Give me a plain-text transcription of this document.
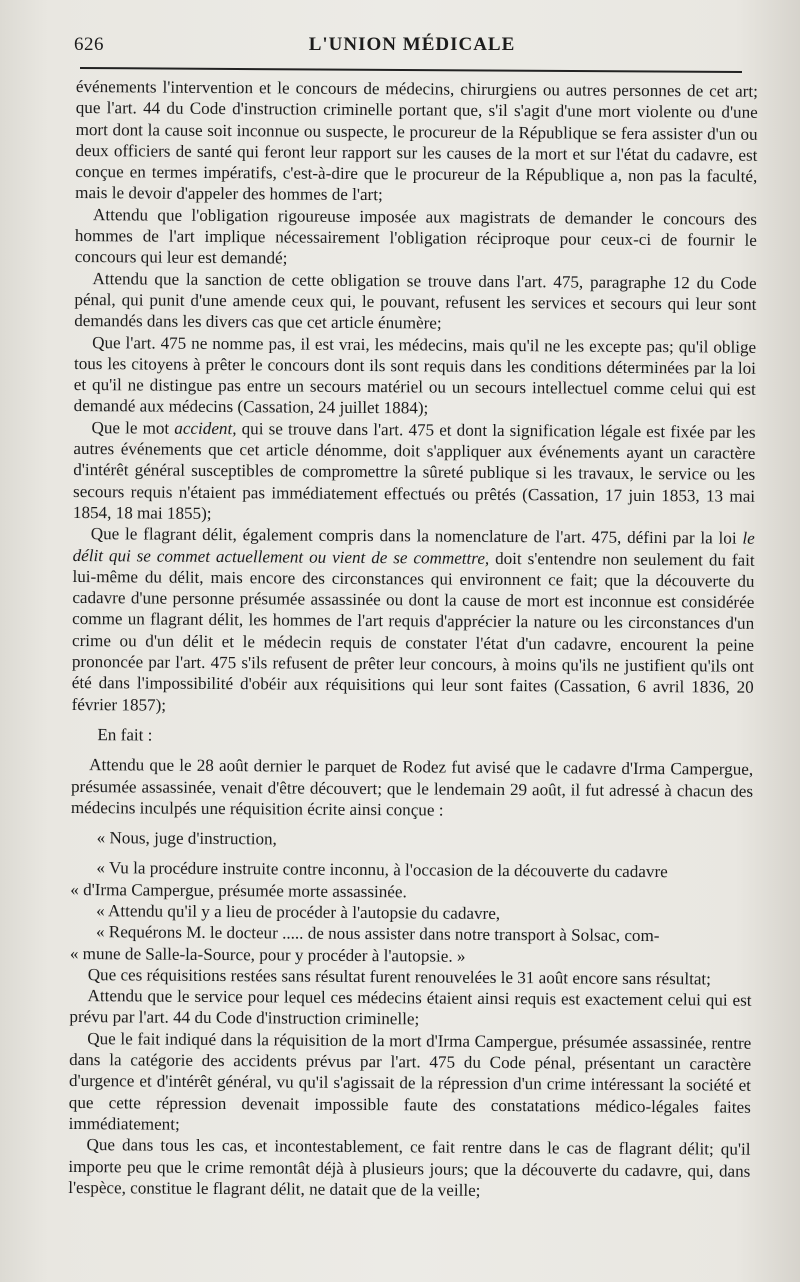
626	L'UNION MÉDICALE

événements l'intervention et le concours de médecins, chirurgiens ou autres personnes de cet art; que l'art. 44 du Code d'instruction criminelle portant que, s'il s'agit d'une mort violente ou d'une mort dont la cause soit inconnue ou suspecte, le procureur de la République se fera assister d'un ou deux officiers de santé qui feront leur rapport sur les causes de la mort et sur l'état du cadavre, est conçue en termes impératifs, c'est-à-dire que le procureur de la République a, non pas la faculté, mais le devoir d'appeler des hommes de l'art;

Attendu que l'obligation rigoureuse imposée aux magistrats de demander le concours des hommes de l'art implique nécessairement l'obligation réciproque pour ceux-ci de fournir le concours qui leur est demandé;

Attendu que la sanction de cette obligation se trouve dans l'art. 475, paragraphe 12 du Code pénal, qui punit d'une amende ceux qui, le pouvant, refusent les services et secours qui leur sont demandés dans les divers cas que cet article énumère;

Que l'art. 475 ne nomme pas, il est vrai, les médecins, mais qu'il ne les excepte pas; qu'il oblige tous les citoyens à prêter le concours dont ils sont requis dans les conditions déterminées par la loi et qu'il ne distingue pas entre un secours matériel ou un secours intellectuel comme celui qui est demandé aux médecins (Cassation, 24 juillet 1884);

Que le mot accident, qui se trouve dans l'art. 475 et dont la signification légale est fixée par les autres événements que cet article dénomme, doit s'appliquer aux événements ayant un caractère d'intérêt général susceptibles de compromettre la sûreté publique si les travaux, le service ou les secours requis n'étaient pas immédiatement effectués ou prêtés (Cassation, 17 juin 1853, 13 mai 1854, 18 mai 1855);

Que le flagrant délit, également compris dans la nomenclature de l'art. 475, défini par la loi le délit qui se commet actuellement ou vient de se commettre, doit s'entendre non seulement du fait lui-même du délit, mais encore des circonstances qui environnent ce fait; que la découverte du cadavre d'une personne présumée assassinée ou dont la cause de mort est inconnue est considérée comme un flagrant délit, les hommes de l'art requis d'apprécier la nature ou les circonstances d'un crime ou d'un délit et le médecin requis de constater l'état d'un cadavre, encourent la peine prononcée par l'art. 475 s'ils refusent de prêter leur concours, à moins qu'ils ne justifient qu'ils ont été dans l'impossibilité d'obéir aux réquisitions qui leur sont faites (Cassation, 6 avril 1836, 20 février 1857);

En fait :

Attendu que le 28 août dernier le parquet de Rodez fut avisé que le cadavre d'Irma Campergue, présumée assassinée, venait d'être découvert; que le lendemain 29 août, il fut adressé à chacun des médecins inculpés une réquisition écrite ainsi conçue :

« Nous, juge d'instruction,

« Vu la procédure instruite contre inconnu, à l'occasion de la découverte du cadavre

« d'Irma Campergue, présumée morte assassinée.

« Attendu qu'il y a lieu de procéder à l'autopsie du cadavre,

« Requérons M. le docteur ..... de nous assister dans notre transport à Solsac, com-

« mune de Salle-la-Source, pour y procéder à l'autopsie. »

Que ces réquisitions restées sans résultat furent renouvelées le 31 août encore sans résultat;

Attendu que le service pour lequel ces médecins étaient ainsi requis est exactement celui qui est prévu par l'art. 44 du Code d'instruction criminelle;

Que le fait indiqué dans la réquisition de la mort d'Irma Campergue, présumée assassinée, rentre dans la catégorie des accidents prévus par l'art. 475 du Code pénal, présentant un caractère d'urgence et d'intérêt général, vu qu'il s'agissait de la répression d'un crime intéressant la société et que cette répression devenait impossible faute des constatations médico-légales faites immédiatement;

Que dans tous les cas, et incontestablement, ce fait rentre dans le cas de flagrant délit; qu'il importe peu que le crime remontât déjà à plusieurs jours; que la découverte du cadavre, qui, dans l'espèce, constitue le flagrant délit, ne datait que de la veille;
